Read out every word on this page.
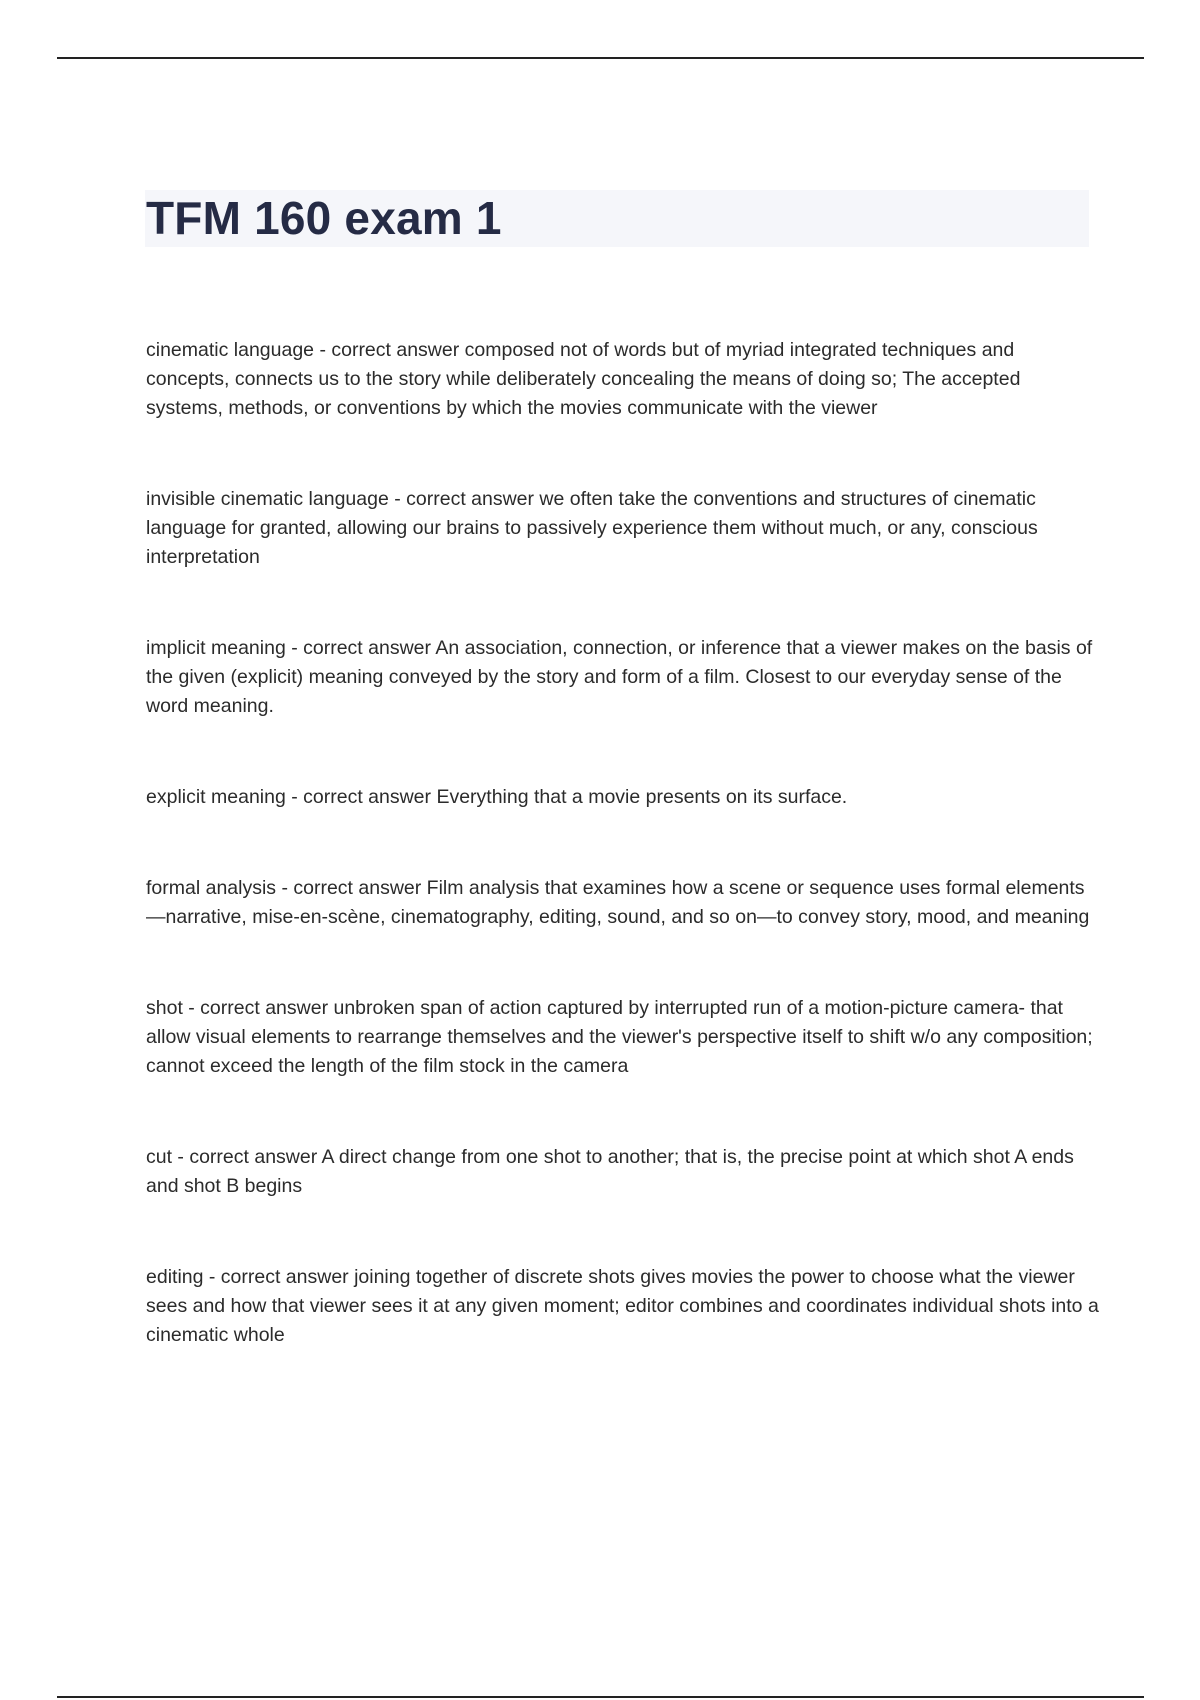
TFM 160 exam 1

cinematic language - correct answer composed not of words but of myriad integrated techniques and concepts, connects us to the story while deliberately concealing the means of doing so; The accepted systems, methods, or conventions by which the movies communicate with the viewer

invisible cinematic language - correct answer we often take the conventions and structures of cinematic language for granted, allowing our brains to passively experience them without much, or any, conscious interpretation

implicit meaning - correct answer An association, connection, or inference that a viewer makes on the basis of the given (explicit) meaning conveyed by the story and form of a film. Closest to our everyday sense of the word meaning.

explicit meaning - correct answer Everything that a movie presents on its surface.

formal analysis - correct answer Film analysis that examines how a scene or sequence uses formal elements—narrative, mise-en-scène, cinematography, editing, sound, and so on—to convey story, mood, and meaning

shot - correct answer unbroken span of action captured by interrupted run of a motion-picture camera- that allow visual elements to rearrange themselves and the viewer's perspective itself to shift w/o any composition; cannot exceed the length of the film stock in the camera

cut - correct answer A direct change from one shot to another; that is, the precise point at which shot A ends and shot B begins

editing - correct answer joining together of discrete shots gives movies the power to choose what the viewer sees and how that viewer sees it at any given moment; editor combines and coordinates individual shots into a cinematic whole
